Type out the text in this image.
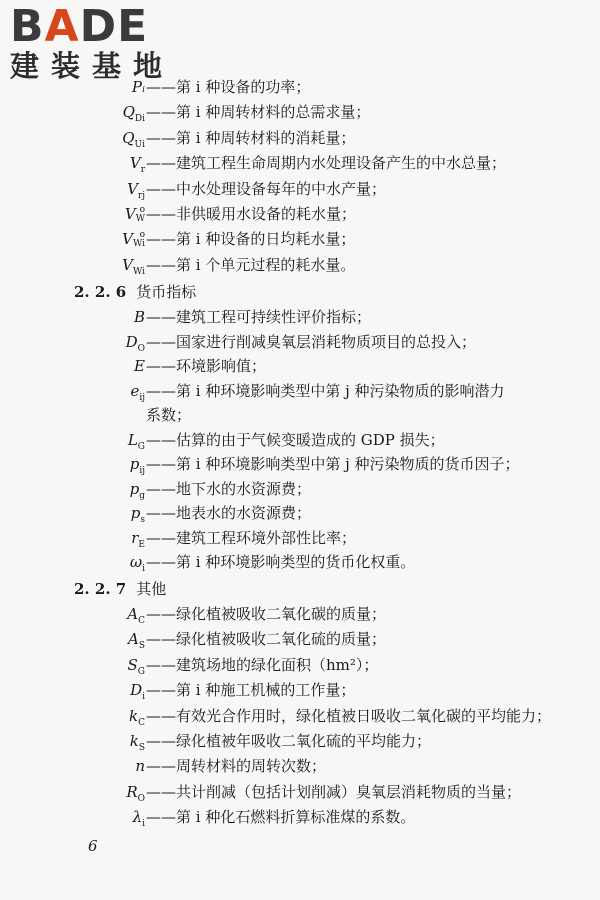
BADE
建装基地
Pᵢ ——第 i 种设备的功率；
Q Di ——第 i 种周转材料的总需求量；
Q Ui ——第 i 种周转材料的消耗量；
V r ——建筑工程生命周期内水处理设备产生的中水总量；
V rj ——中水处理设备每年的中水产量；
V o
W ——非供暖用水设备的耗水量；
V o
Wi ——第 i 种设备的日均耗水量；
V Wi ——第 i 个单元过程的耗水量。
2. 2. 6 货币指标
B ——建筑工程可持续性评价指标；
D O ——国家进行削减臭氧层消耗物质项目的总投入；
E ——环境影响值；
e ij ——第 i 种环境影响类型中第 j 种污染物质的影响潜力
系数；
L G ——估算的由于气候变暖造成的 GDP 损失；
p ij ——第 i 种环境影响类型中第 j 种污染物质的货币因子；
p g ——地下水的水资源费；
p s ——地表水的水资源费；
r E ——建筑工程环境外部性比率；
ω i ——第 i 种环境影响类型的货币化权重。
2. 2. 7 其他
A C ——绿化植被吸收二氧化碳的质量；
A S ——绿化植被吸收二氧化硫的质量；
S G ——建筑场地的绿化面积（hm²）；
D i ——第 i 种施工机械的工作量；
k C ——有效光合作用时，绿化植被日吸收二氧化碳的平均能力；
k S ——绿化植被年吸收二氧化硫的平均能力；
n ——周转材料的周转次数；
R O ——共计削减（包括计划削减）臭氧层消耗物质的当量；
λ i ——第 i 种化石燃料折算标准煤的系数。
6
